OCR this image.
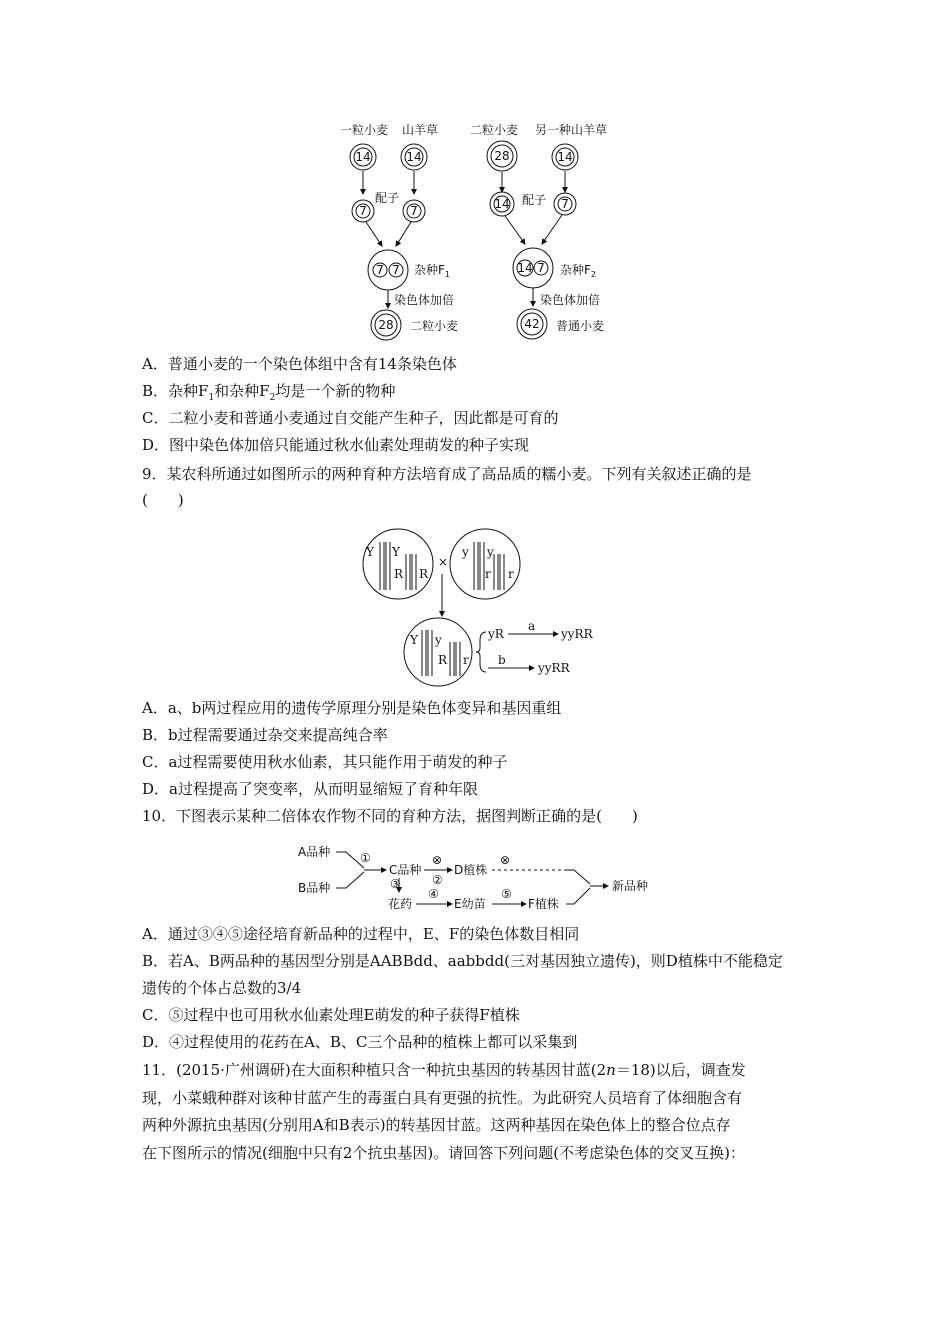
一粒小麦 山羊草
14	14
配子
7	7
7 7 杂种$F_1$
染色体加倍
28 二粒小麦
二粒小麦 另一种山羊草
28	14
配子
14	7
14 7 杂种$F_2$
染色体加倍
42 普通小麦
A．普通小麦的一个染色体组中含有14条染色体
B．杂种$F_1$和杂种$F_2$均是一个新的物种
C．二粒小麦和普通小麦通过自交能产生种子，因此都是可育的
D．图中染色体加倍只能通过秋水仙素处理萌发的种子实现
9．某农科所通过如图所示的两种育种方法培育成了高品质的糯小麦。下列有关叙述正确的是
(　　)
Y Y
R R
×
y y
r r
Y y
R r
yR
a
yyRR
b
yyRR
A．a、b两过程应用的遗传学原理分别是染色体变异和基因重组
B．b过程需要通过杂交来提高纯合率
C．a过程需要使用秋水仙素，其只能作用于萌发的种子
D．a过程提高了突变率，从而明显缩短了育种年限
10．下图表示某种二倍体农作物不同的育种方法，据图判断正确的是(　　)
A品种
B品种
①
C品种
⊗
②
D植株
⊗
③
花药
④
E幼苗
⑤
F植株
新品种
A．通过③④⑤途径培育新品种的过程中，E、F的染色体数目相同
B．若A、B两品种的基因型分别是AABBdd、aabbdd(三对基因独立遗传)，则D植株中不能稳定
遗传的个体占总数的3/4
C．⑤过程中也可用秋水仙素处理E萌发的种子获得F植株
D．④过程使用的花药在A、B、C三个品种的植株上都可以采集到
11．(2015·广州调研)在大面积种植只含一种抗虫基因的转基因甘蓝(2n＝18)以后，调查发
现，小菜蛾种群对该种甘蓝产生的毒蛋白具有更强的抗性。为此研究人员培育了体细胞含有
两种外源抗虫基因(分别用A和B表示)的转基因甘蓝。这两种基因在染色体上的整合位点存
在下图所示的情况(细胞中只有2个抗虫基因)。请回答下列问题(不考虑染色体的交叉互换)：
